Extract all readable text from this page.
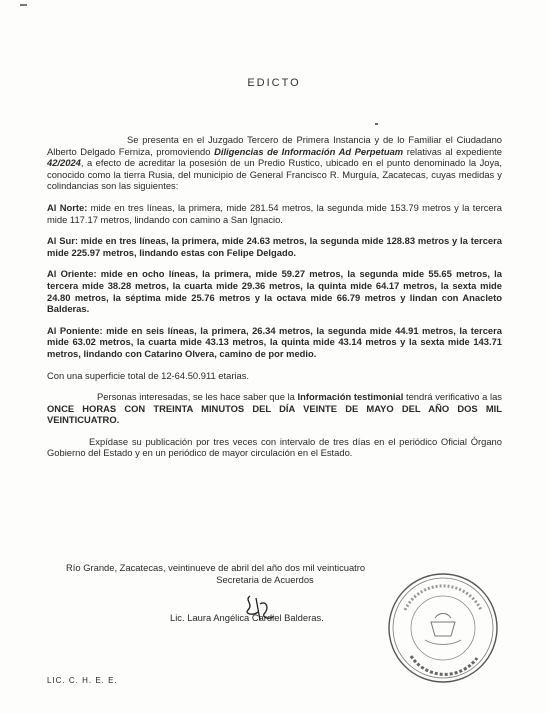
EDICTO

Se presenta en el Juzgado Tercero de Primera Instancia y de lo Familiar el Ciudadano Alberto Delgado Ferniza, promoviendo Diligencias de Información Ad Perpetuam relativas al expediente 42/2024, a efecto de acreditar la posesión de un Predio Rustico, ubicado en el punto denominado la Joya, conocido como la tierra Rusia, del municipio de General Francisco R. Murguía, Zacatecas, cuyas medidas y colindancias son las siguientes:

Al Norte: mide en tres líneas, la primera, mide 281.54 metros, la segunda mide 153.79 metros y la tercera mide 117.17 metros, lindando con camino a San Ignacio.

Al Sur: mide en tres líneas, la primera, mide 24.63 metros, la segunda mide 128.83 metros y la tercera mide 225.97 metros, lindando estas con Felipe Delgado.

Al Oriente: mide en ocho líneas, la primera, mide 59.27 metros, la segunda mide 55.65 metros, la tercera mide 38.28 metros, la cuarta mide 29.36 metros, la quinta mide 64.17 metros, la sexta mide 24.80 metros, la séptima mide 25.76 metros y la octava mide 66.79 metros y lindan con Anacleto Balderas.

Al Poniente: mide en seis líneas, la primera, 26.34 metros, la segunda mide 44.91 metros, la tercera mide 63.02 metros, la cuarta mide 43.13 metros, la quinta mide 43.14 metros y la sexta mide 143.71 metros, lindando con Catarino Olvera, camino de por medio.

Con una superficie total de 12-64.50.911 etarias.

Personas interesadas, se les hace saber que la Información testimonial tendrá verificativo a las ONCE HORAS CON TREINTA MINUTOS DEL DÍA VEINTE DE MAYO DEL AÑO DOS MIL VEINTICUATRO.

Expídase su publicación por tres veces con intervalo de tres días en el periódico Oficial Órgano Gobierno del Estado y en un periódico de mayor circulación en el Estado.

Río Grande, Zacatecas, veintinueve de abril del año dos mil veinticuatro
Secretaria de Acuerdos
Lic. Laura Angélica Cardiel Balderas.
LIC. C. H. E. E.
